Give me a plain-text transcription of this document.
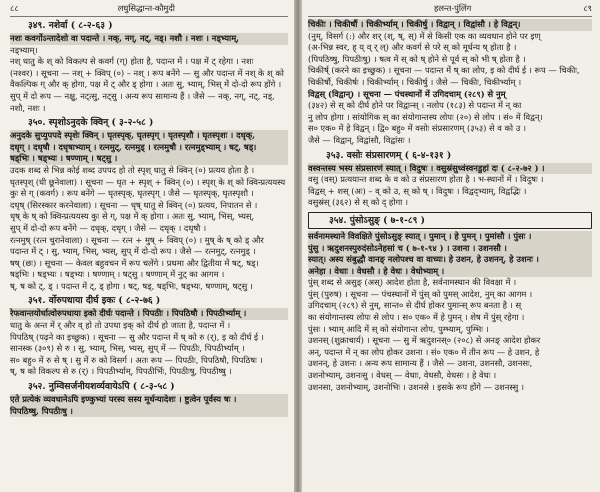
८८	लघुसिद्धान्त-कौमुदी
३४९. नशेर्वा ( ८-२-६३ )
नशः कवर्गोऽन्तादेशो वा पदान्ते । नक्, नग्, नट्, नड्। नशौ । नशः । नड्भ्याम्,
नड्भ्याम्।
नश् धातु के श् को विकल्प से कवर्ग (ग्) होता है, पदान्त में । पक्ष में ट् रहेगा । नशः
(नश्वर) । सूचना — नश् + क्विप् (०) – नश् । रूप बनेंगे — सु और पदान्त में नश् के श् को
वैकल्पिक ग् और क् होगा, पक्ष में ट् और ड् होगा । अतः सु, भ्याम्, भिस् में दो-दो रूप होंगे ।
सुप् में दो रूप — नक्षु, नट्त्सु, नट्सु । अन्य रूप सामान्य हैं । जैसे — नक्, नग्, नट्, नड्,
नशौ, नशः ।
३५०. स्पृशोऽनुदके क्विन् ( ३-२-५८ )
अनुदके सुप्युपपदे स्पृशेः क्विन् । घृतस्पृक्, घृतस्पृग् । घृतस्पृशौ । घृतस्पृशः । दधृक्,
दधृग् । दधृषौ । दधृषाभ्याम् । रत्नमुट्, रत्नमुड् । रत्नमुषौ । रत्नमुड्भ्याम् । षट्, षड्।
षड्भिः । षड्भ्यः । षण्णाम् । षट्सु ।
उदक शब्द से भिन्न कोई शब्द उपपद हो तो स्पृश् धातु से क्विन् (०) प्रत्यय होता है ।
घृतस्पृश् (घी छूनेवाला) । सूचना — घृत + स्पृश् + क्विन् (०) । स्पृश् के श् को क्विन्प्रत्ययस्य
कुः से ग् (कवर्ग) । रूप बनेंगे — घृतस्पृक्, घृतस्पृग् । जैसे — घृतस्पृक्, घृतस्पृशौ ।
दधृष् (सिरस्कार करनेवाला) । सूचना — धृष् धातु से क्विन् (०) प्रत्यय, निपातन से ।
धृष् के ष् को क्विन्प्रत्ययस्य कुः से ग्, पक्ष में क् होगा । अतः सु, भ्याम्, भिस्, भ्यस्,
सुप् में दो-दो रूप बनेंगे — दधृक्, दधृग् । जैसे — दधृक् । दधृषौ ।
रत्नमुष् (रत्न चुरानेवाला) । सूचना — रत्न + मुष् + क्विप् (०) । मुष् के ष् को ड् और
पदान्त में ट् । सु, भ्याम्, भिस्, भ्यस्, सुप् में दो-दो रूप । जैसे — रत्नमुट्, रत्नमुड् ।
षष् (छः) । सूचना — केवल बहुवचन में रूप चलेंगे । प्रथमा और द्वितीया में षट्, षड्।
षड्भिः । षड्भ्यः । षड्भ्यः । षण्णाम् । षट्सु । षण्णाम् में नुट् का आगम ।
ष्, ष को ट्, ड् । पदान्त में ट्, ड् होगा । षट्, षड्, षड्भिः, षड्भ्यः, षण्णाम्, षट्सु ।
३५१. र्वोरुपधाया दीर्घ इकः ( ८-२-७६ )
रेफवान्तयोर्धात्वोरुपधाया इको दीर्घः पदान्ते । पिपठीः । पिपठिषौ । पिपठीर्भ्याम् ।
धातु के अन्त में र् और व् हो तो उपधा इक् को दीर्घ हो जाता है, पदान्त में ।
पिपठिष् (पढ़ने का इच्छुक) । सूचना — सु और पदान्त में ष् को रु (र्), इ को दीर्घ ई ।
सानस्क (३०९) से रु । सु, भ्याम्, भिस्, भ्यस्, सुप् में — पिपठीः, पिपठीर्भ्याम् ।
स० बहु० में रु से ष् । सु में रु को विसर्ग । अतः रूप — पिपठीः, पिपठिषौ, पिपठिषः ।
ष्, ष को विकल्प से रु (र्) । पिपठीर्भ्याम्, पिपठीर्भिः, पिपठीःषु, पिपठीष्षु ।
३५२. नुम्विसर्जनीयशर्व्यवायेऽपि ( ८-३-५८ )
एते प्रत्येकं व्यवधानेऽपि इण्कुभ्यां परस्य सस्य मूर्धन्यादेशः । ष्टुत्वेन पूर्वस्य षः ।
पिपठिष्षु, पिपठीःषु ।
हलन्त-पुंलिंग	८९
चिकीः । चिकीर्षौ । चिकीर्भ्याम् । चिकीर्षु । विद्वान् । विद्वांसौ । हे विद्वन्।
(नुम्, विसर्ग (:) और शर् (श्, ष्, स्) में से किसी एक का व्यवधान होने पर इण्
(अ-भिन्न स्वर, ह् य् व् र् ल्) और कवर्ग से परे स् को मूर्धन्य ष् होता है ।
(पिपठिष्षु, पिपठीःषु) । षत्व में स् को ष् होने से पूर्व स् को भी ष् होता है ।
चिकीर्ष् (करने का इच्छुक) । सूचना — पदान्त में ष् का लोप, इ को दीर्घ ई । रूप — चिकीः,
चिकीर्षौ, चिकीर्षः । चिकीर्भ्याम् । चिकीर्षु । जैसे — चिकीः, चिकीर्भ्याम् ।
विद्वस् (विद्वान्) । सूचना — पंचस्थानों में उगिदचाम् (२८९) से नुम्
(३४२) से स् को दीर्घ होने पर विद्वान्स् । नलोप (१८३) से पदान्त में न् का
नु लोप होगा । सांयोगिक स् का संयोगान्तस्य लोपः (२०) से लोप । सं० में विद्वन्।
स० एक० में हे विद्वन् । द्वि० बहु० में वसोः संप्रसारणम् (३५३) से व को उ ।
जैसे — विद्वान्, विद्वांसौ, विद्वांसः ।
३५३. वसोः संप्रसारणम् ( ६-४-१३१ )
वस्वन्तस्य भस्य संप्रसारणं स्यात् । विदुषः । वसुस्रंसुध्वंस्वनडुहां दः ( ८-२-७२ ) ।
वसु (वस्) प्रत्ययान्त शब्द के व को उ संप्रसारण होता है । भ-स्थानों में । विदुषः ।
विद्वस् + शस् (अः) – व् को उ, स् को ष् । विदुषः । विद्वद्भ्याम्, विद्वद्भिः ।
वसुस्रंस् (३६२) से स् को द् होगा ।
३५४. पुंसोऽसुङ् ( ७-१-८९ )
सर्वनामस्थाने विवक्षिते पुंसोऽसुङ् स्यात् । पुमान् । हे पुमन् । पुमांसौ । पुंसः ।
पुंसु । ऋदुशनस्पुरुदंसोऽनेहसां च ( ७-१-९४ ) । उशना । उशनसौ ।
स्यात्। अस्य संबुद्धौ वानङ् नलोपश्च वा वाच्यः। हे उशन, हे उशनन्, हे उशनः ।
अनेहा । वेधाः । वेधसौ । हे वेधः । वेधोभ्याम् ।
पुंस् शब्द से असुङ् (अस्) आदेश होता है, सर्वनामस्थान की विवक्षा में ।
पुंस् (पुरुष) । सूचना — पंचस्थानों में पुंस् को पुमस् आदेश, नुम् का आगम ।
उगिदचाम् (२८९) से नुम्, सान्त० से दीर्घ होकर पुमान्स् रूप बनता है । स्
का संयोगान्तस्य लोपः से लोप । स० एक० में हे पुमन् । शेष में पुंस् रहेगा ।
पुंसः । भ्याम् आदि में स् को संयोगान्त लोप, पुम्भ्याम्, पुम्भिः ।
उशनस् (शुक्राचार्य) । सूचना — सु में ऋदुशनस्० (२०८) से अनङ् आदेश होकर
अन्, पदान्त में न् का लोप होकर उशना । सं० एक० में तीन रूप — हे उशन, हे
उशनन्, हे उशनः । अन्य रूप सामान्य हैं । जैसे — उशना, उशनसौ, उशनसः,
उशनोभ्याम्, उशनःसु । वेधस् — वेधाः, वेधसौ, वेधसः । हे वेधः ।
उशनसा, उशनोभ्याम्, उशनोभिः । उशनसे । इसके रूप होंगे — उशनस्सु ।
